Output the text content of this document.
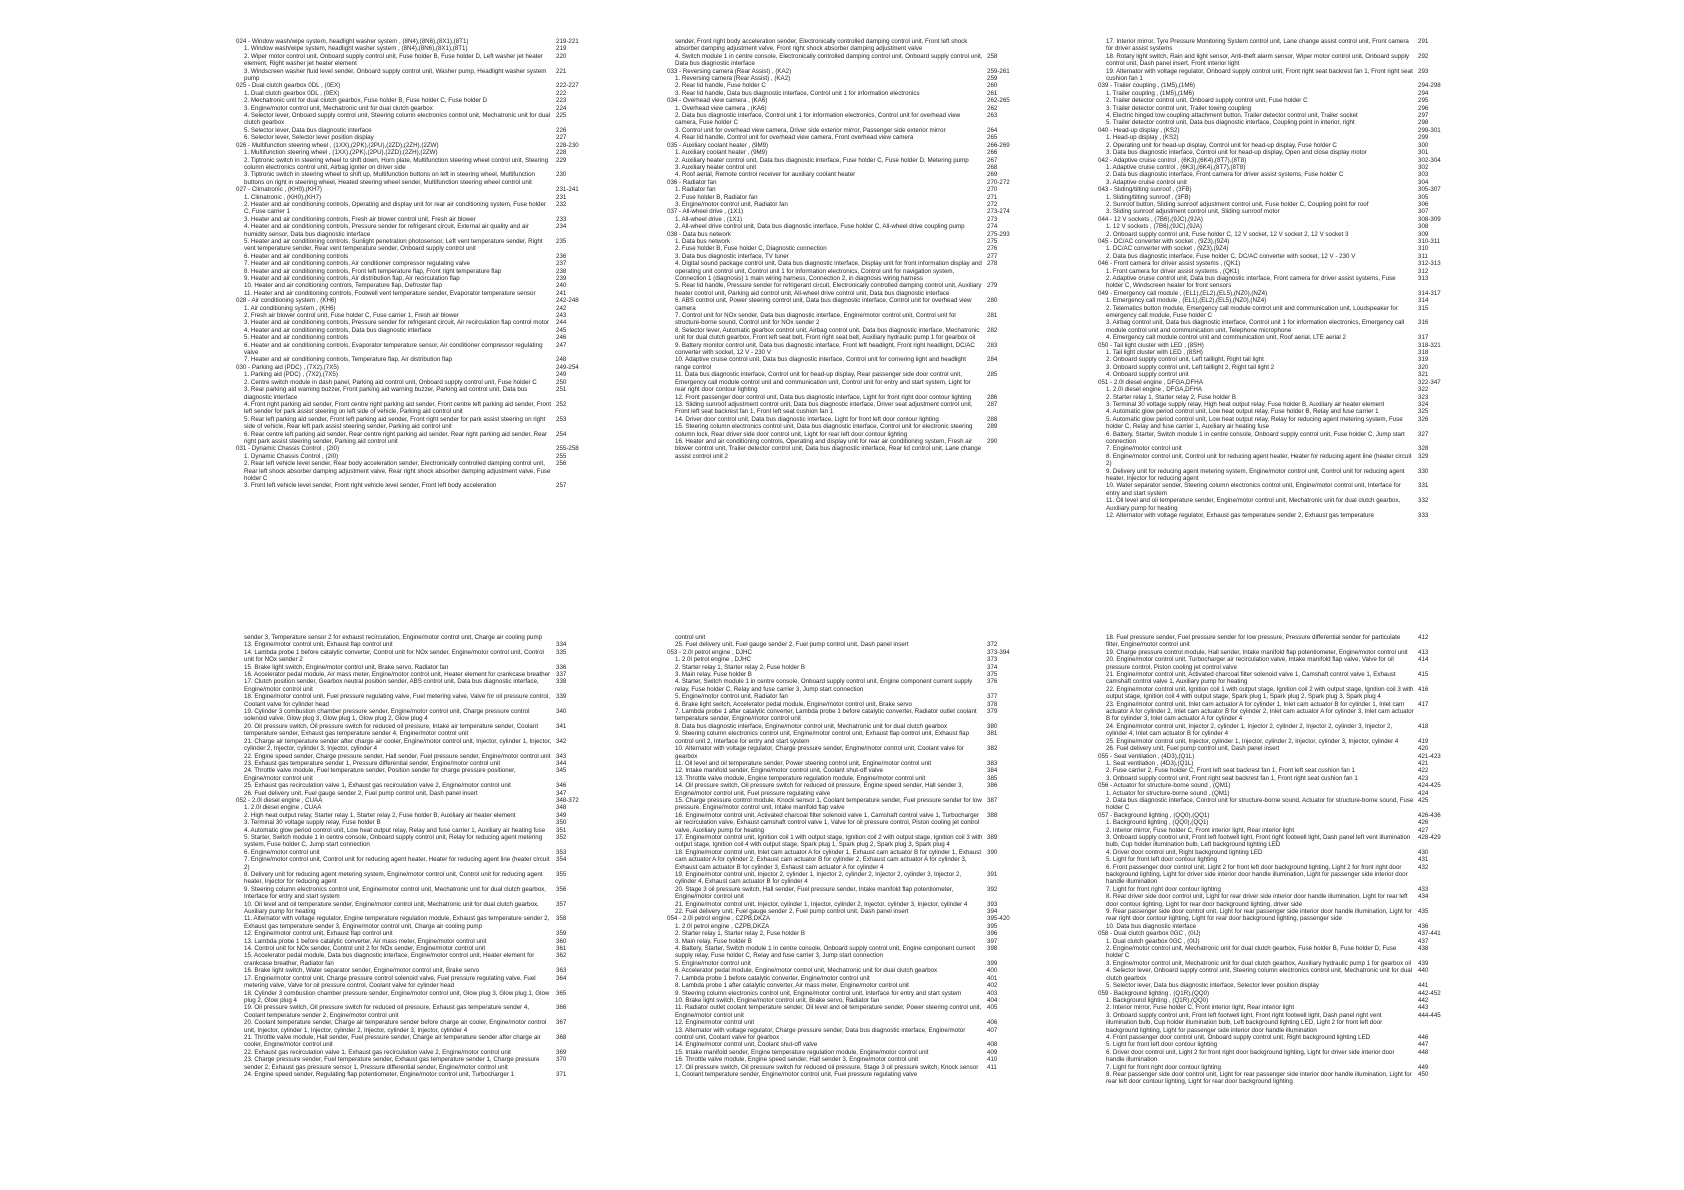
024 - Window wash/wipe system, headlight washer system , (8N4),(8N6),(8X1),(8T1)	219-221
1. Window wash/wipe system, headlight washer system , (8N4),(8N6),(8X1),(8T1)	219
2. Wiper motor control unit, Onboard supply control unit, Fuse holder B, Fuse holder D, Left washer jet heater element, Right washer jet heater element
220
3. Windscreen washer fluid level sender, Onboard supply control unit, Washer pump, Headlight washer system pump
221
025 - Dual clutch gearbox 0DL , (0EX)	222-227
1. Dual clutch gearbox 0DL , (0EX)	222
2. Mechatronic unit for dual clutch gearbox, Fuse holder B, Fuse holder C, Fuse holder D	223
3. Engine/motor control unit, Mechatronic unit for dual clutch gearbox	224
4. Selector lever, Onboard supply control unit, Steering column electronics control unit, Mechatronic unit for dual clutch gearbox
225
5. Selector lever, Data bus diagnostic interface	226
6. Selector lever, Selector lever position display	227
026 - Multifunction steering wheel , (1XX),(2PK),(2PU),(2ZD),(2ZH),(2ZW)	228-230
1. Multifunction steering wheel , (1XX),(2PK),(2PU),(2ZD),(2ZH),(2ZW)	228
2. Tiptronic switch in steering wheel to shift down, Horn plate, Multifunction steering wheel control unit, Steering column electronics control unit, Airbag igniter on driver side
229
3. Tiptronic switch in steering wheel to shift up, Multifunction buttons on left in steering wheel, Multifunction buttons on right in steering wheel, Heated steering wheel sender, Multifunction steering wheel control unit
230
027 - Climatronic , (KH0),(KH7)	231-241
1. Climatronic , (KH0),(KH7)	231
2. Heater and air conditioning controls, Operating and display unit for rear air conditioning system, Fuse holder C, Fuse carrier 1
232
3. Heater and air conditioning controls, Fresh air blower control unit, Fresh air blower	233
4. Heater and air conditioning controls, Pressure sender for refrigerant circuit, External air quality and air humidity sensor, Data bus diagnostic interface
234
5. Heater and air conditioning controls, Sunlight penetration photosensor, Left vent temperature sender, Right vent temperature sender, Rear vent temperature sender, Onboard supply control unit
235
6. Heater and air conditioning controls	236
7. Heater and air conditioning controls, Air conditioner compressor regulating valve	237
8. Heater and air conditioning controls, Front left temperature flap, Front right temperature flap	238
9. Heater and air conditioning controls, Air distribution flap, Air recirculation flap	239
10. Heater and air conditioning controls, Temperature flap, Defroster flap	240
11. Heater and air conditioning controls, Footwell vent temperature sender, Evaporator temperature sensor	241
028 - Air conditioning system , (KH6)	242-248
1. Air conditioning system , (KH6)	242
2. Fresh air blower control unit, Fuse holder C, Fuse carrier 1, Fresh air blower	243
3. Heater and air conditioning controls, Pressure sender for refrigerant circuit, Air recirculation flap control motor	244
4. Heater and air conditioning controls, Data bus diagnostic interface	245
5. Heater and air conditioning controls	246
6. Heater and air conditioning controls, Evaporator temperature sensor, Air conditioner compressor regulating valve
247
7. Heater and air conditioning controls, Temperature flap, Air distribution flap	248
030 - Parking aid (PDC) , (7X2),(7X5)	249-254
1. Parking aid (PDC) , (7X2),(7X5)	249
2. Centre switch module in dash panel, Parking aid control unit, Onboard supply control unit, Fuse holder C	250
3. Rear parking aid warning buzzer, Front parking aid warning buzzer, Parking aid control unit, Data bus diagnostic interface
251
4. Front right parking aid sender, Front centre right parking aid sender, Front centre left parking aid sender, Front left sender for park assist steering on left side of vehicle, Parking aid control unit
252
5. Rear left parking aid sender, Front left parking aid sender, Front right sender for park assist steering on right side of vehicle, Rear left park assist steering sender, Parking aid control unit
253
6. Rear centre left parking aid sender, Rear centre right parking aid sender, Rear right parking aid sender, Rear right park assist steering sender, Parking aid control unit
254
031 - Dynamic Chassis Control , (2I0)	255-258
1. Dynamic Chassis Control , (2I0)	255
2. Rear left vehicle level sender, Rear body acceleration sender, Electronically controlled damping control unit, Rear left shock absorber damping adjustment valve, Rear right shock absorber damping adjustment valve, Fuse holder C
256
3. Front left vehicle level sender, Front right vehicle level sender, Front left body acceleration	257
sender, Front right body acceleration sender, Electronically controlled damping control unit, Front left shock absorber damping adjustment valve, Front right shock absorber damping adjustment valve
4. Switch module 1 in centre console, Electronically controlled damping control unit, Onboard supply control unit, Data bus diagnostic interface
258
033 - Reversing camera (Rear Assist) , (KA2)	259-261
1. Reversing camera (Rear Assist) , (KA2)	259
2. Rear lid handle, Fuse holder C	260
3. Rear lid handle, Data bus diagnostic interface, Control unit 1 for information electronics	261
034 - Overhead view camera , (KA6)	262-265
1. Overhead view camera , (KA6)	262
2. Data bus diagnostic interface, Control unit 1 for information electronics, Control unit for overhead view camera, Fuse holder C
263
3. Control unit for overhead view camera, Driver side exterior mirror, Passenger side exterior mirror	264
4. Rear lid handle, Control unit for overhead view camera, Front overhead view camera	265
035 - Auxiliary coolant heater , (9M9)	266-269
1. Auxiliary coolant heater , (9M9)	266
2. Auxiliary heater control unit, Data bus diagnostic interface, Fuse holder C, Fuse holder D, Metering pump	267
3. Auxiliary heater control unit	268
4. Roof aerial, Remote control receiver for auxiliary coolant heater	269
036 - Radiator fan	270-272
1. Radiator fan	270
2. Fuse holder B, Radiator fan	271
3. Engine/motor control unit, Radiator fan	272
037 - All-wheel drive , (1X1)	273-274
1. All-wheel drive , (1X1)	273
2. All-wheel drive control unit, Data bus diagnostic interface, Fuse holder C, All-wheel drive coupling pump	274
038 - Data bus network	275-293
1. Data bus network	275
2. Fuse holder B, Fuse holder C, Diagnostic connection	276
3. Data bus diagnostic interface, TV tuner	277
4. Digital sound package control unit, Data bus diagnostic interface, Display unit for front information display and operating unit control unit, Control unit 1 for information electronics, Control unit for navigation system, Connection 1 (diagnosis) 1 main wiring harness, Connection 2, in diagnosis wiring harness
278
5. Rear lid handle, Pressure sender for refrigerant circuit, Electronically controlled damping control unit, Auxiliary heater control unit, Parking aid control unit, All-wheel drive control unit, Data bus diagnostic interface
279
6. ABS control unit, Power steering control unit, Data bus diagnostic interface, Control unit for overhead view camera
280
7. Control unit for NOx sender, Data bus diagnostic interface, Engine/motor control unit, Control unit for structure-borne sound, Control unit for NOx sender 2
281
8. Selector lever, Automatic gearbox control unit, Airbag control unit, Data bus diagnostic interface, Mechatronic unit for dual clutch gearbox, Front left seat belt, Front right seat belt, Auxiliary hydraulic pump 1 for gearbox oil
282
9. Battery monitor control unit, Data bus diagnostic interface, Front left headlight, Front right headlight, DC/AC converter with socket, 12 V - 230 V
283
10. Adaptive cruise control unit, Data bus diagnostic interface, Control unit for cornering light and headlight range control
284
11. Data bus diagnostic interface, Control unit for head-up display, Rear passenger side door control unit, Emergency call module control unit and communication unit, Control unit for entry and start system, Light for rear right door contour lighting
285
12. Front passenger door control unit, Data bus diagnostic interface, Light for front right door contour lighting	286
13. Sliding sunroof adjustment control unit, Data bus diagnostic interface, Driver seat adjustment control unit, Front left seat backrest fan 1, Front left seat cushion fan 1
287
14. Driver door control unit, Data bus diagnostic interface, Light for front left door contour lighting	288
15. Steering column electronics control unit, Data bus diagnostic interface, Control unit for electronic steering column lock, Rear driver side door control unit, Light for rear left door contour lighting
289
16. Heater and air conditioning controls, Operating and display unit for rear air conditioning system, Fresh air blower control unit, Trailer detector control unit, Data bus diagnostic interface, Rear lid control unit, Lane change assist control unit 2
290
17. Interior mirror, Tyre Pressure Monitoring System control unit, Lane change assist control unit, Front camera for driver assist systems
291
18. Rotary light switch, Rain and light sensor, Anti-theft alarm sensor, Wiper motor control unit, Onboard supply control unit, Dash panel insert, Front interior light
292
19. Alternator with voltage regulator, Onboard supply control unit, Front right seat backrest fan 1, Front right seat cushion fan 1
293
039 - Trailer coupling , (1M5),(1M6)	294-298
1. Trailer coupling , (1M5),(1M6)	294
2. Trailer detector control unit, Onboard supply control unit, Fuse holder C	295
3. Trailer detector control unit, Trailer towing coupling	296
4. Electric hinged tow coupling attachment button, Trailer detector control unit, Trailer socket	297
5. Trailer detector control unit, Data bus diagnostic interface, Coupling point in interior, right	298
040 - Head-up display , (KS2)	299-301
1. Head-up display , (KS2)	299
2. Operating unit for head-up display, Control unit for head-up display, Fuse holder C	300
3. Data bus diagnostic interface, Control unit for head-up display, Open and close display motor	301
042 - Adaptive cruise control , (6K3),(6K4),(8T7),(8T8)	302-304
1. Adaptive cruise control , (6K3),(6K4),(8T7),(8T8)	302
2. Data bus diagnostic interface, Front camera for driver assist systems, Fuse holder C	303
3. Adaptive cruise control unit	304
043 - Sliding/tilting sunroof , (3FB)	305-307
1. Sliding/tilting sunroof , (3FB)	305
2. Sunroof button, Sliding sunroof adjustment control unit, Fuse holder C, Coupling point for roof	306
3. Sliding sunroof adjustment control unit, Sliding sunroof motor	307
044 - 12 V sockets , (7B6),(9JC),(9JA)	308-309
1. 12 V sockets , (7B6),(9JC),(9JA)	308
2. Onboard supply control unit, Fuse holder C, 12 V socket, 12 V socket 2, 12 V socket 3	309
045 - DC/AC converter with socket , (9Z3),(9Z4)	310-311
1. DC/AC converter with socket , (9Z3),(9Z4)	310
2. Data bus diagnostic interface, Fuse holder C, DC/AC converter with socket, 12 V - 230 V	311
046 - Front camera for driver assist systems , (QK1)	312-313
1. Front camera for driver assist systems , (QK1)	312
2. Adaptive cruise control unit, Data bus diagnostic interface, Front camera for driver assist systems, Fuse holder C, Windscreen heater for front sensors
313
049 - Emergency call module , (EL1),(EL2),(EL5),(NZ0),(NZ4)	314-317
1. Emergency call module , (EL1),(EL2),(EL5),(NZ0),(NZ4)	314
2. Telematics button module, Emergency call module control unit and communication unit, Loudspeaker for emergency call module, Fuse holder C
315
3. Airbag control unit, Data bus diagnostic interface, Control unit 1 for information electronics, Emergency call module control unit and communication unit, Telephone microphone
316
4. Emergency call module control unit and communication unit, Roof aerial, LTE aerial 2	317
050 - Tail light cluster with LED , (8SH)	318-321
1. Tail light cluster with LED , (8SH)	318
2. Onboard supply control unit, Left taillight, Right tail light	319
3. Onboard supply control unit, Left taillight 2, Right tail light 2	320
4. Onboard supply control unit	321
051 - 2.0l diesel engine , DFGA,DFHA	322-347
1. 2.0l diesel engine , DFGA,DFHA	322
2. Starter relay 1, Starter relay 2, Fuse holder B	323
3. Terminal 30 voltage supply relay, High heat output relay, Fuse holder B, Auxiliary air heater element	324
4. Automatic glow period control unit, Low heat output relay, Fuse holder B, Relay and fuse carrier 1	325
5. Automatic glow period control unit, Low heat output relay, Relay for reducing agent metering system, Fuse holder C, Relay and fuse carrier 1, Auxiliary air heating fuse
326
6. Battery, Starter, Switch module 1 in centre console, Onboard supply control unit, Fuse holder C, Jump start connection
327
7. Engine/motor control unit	328
8. Engine/motor control unit, Control unit for reducing agent heater, Heater for reducing agent line (heater circuit 2)
329
9. Delivery unit for reducing agent metering system, Engine/motor control unit, Control unit for reducing agent heater, Injector for reducing agent
330
10. Water separator sender, Steering column electronics control unit, Engine/motor control unit, Interface for entry and start system
331
11. Oil level and oil temperature sender, Engine/motor control unit, Mechatronic unit for dual clutch gearbox, Auxiliary pump for heating
332
12. Alternator with voltage regulator, Exhaust gas temperature sender 2, Exhaust gas temperature	333
sender 3, Temperature sensor 2 for exhaust recirculation, Engine/motor control unit, Charge air cooling pump
13. Engine/motor control unit, Exhaust flap control unit	334
14. Lambda probe 1 before catalytic converter, Control unit for NOx sender, Engine/motor control unit, Control unit for NOx sender 2
335
15. Brake light switch, Engine/motor control unit, Brake servo, Radiator fan	336
16. Accelerator pedal module, Air mass meter, Engine/motor control unit, Heater element for crankcase breather 337
17. Clutch position sender, Gearbox neutral position sender, ABS control unit, Data bus diagnostic interface, Engine/motor control unit
338
18. Engine/motor control unit, Fuel pressure regulating valve, Fuel metering valve, Valve for oil pressure control, Coolant valve for cylinder head
339
19. Cylinder 3 combustion chamber pressure sender, Engine/motor control unit, Charge pressure control solenoid valve, Glow plug 3, Glow plug 1, Glow plug 2, Glow plug 4
340
20. Oil pressure switch, Oil pressure switch for reduced oil pressure, Intake air temperature sender, Coolant temperature sender, Exhaust gas temperature sender 4, Engine/motor control unit
341
21. Charge air temperature sender after charge air cooler, Engine/motor control unit, Injector, cylinder 1, Injector, cylinder 2, Injector, cylinder 3, Injector, cylinder 4
342
22. Engine speed sender, Charge pressure sender, Hall sender, Fuel pressure sender, Engine/motor control unit 343
23. Exhaust gas temperature sender 1, Pressure differential sender, Engine/motor control unit	344
24. Throttle valve module, Fuel temperature sender, Position sender for charge pressure positioner, Engine/motor control unit
345
25. Exhaust gas recirculation valve 1, Exhaust gas recirculation valve 2, Engine/motor control unit	346
26. Fuel delivery unit, Fuel gauge sender 2, Fuel pump control unit, Dash panel insert	347
052 - 2.0l diesel engine , CUAA	348-372
1. 2.0l diesel engine , CUAA	348
2. High heat output relay, Starter relay 1, Starter relay 2, Fuse holder B, Auxiliary air heater element	349
3. Terminal 30 voltage supply relay, Fuse holder B	350
4. Automatic glow period control unit, Low heat output relay, Relay and fuse carrier 1, Auxiliary air heating fuse	351
5. Starter, Switch module 1 in centre console, Onboard supply control unit, Relay for reducing agent metering system, Fuse holder C, Jump start connection
352
6. Engine/motor control unit	353
7. Engine/motor control unit, Control unit for reducing agent heater, Heater for reducing agent line (heater circuit 2)
354
8. Delivery unit for reducing agent metering system, Engine/motor control unit, Control unit for reducing agent heater, Injector for reducing agent
355
9. Steering column electronics control unit, Engine/motor control unit, Mechatronic unit for dual clutch gearbox, Interface for entry and start system
356
10. Oil level and oil temperature sender, Engine/motor control unit, Mechatronic unit for dual clutch gearbox, Auxiliary pump for heating
357
11. Alternator with voltage regulator, Engine temperature regulation module, Exhaust gas temperature sender 2, Exhaust gas temperature sender 3, Engine/motor control unit, Charge air cooling pump
358
12. Engine/motor control unit, Exhaust flap control unit	359
13. Lambda probe 1 before catalytic converter, Air mass meter, Engine/motor control unit	360
14. Control unit for NOx sender, Control unit 2 for NOx sender, Engine/motor control unit	361
15. Accelerator pedal module, Data bus diagnostic interface, Engine/motor control unit, Heater element for crankcase breather, Radiator fan
362
16. Brake light switch, Water separator sender, Engine/motor control unit, Brake servo	363
17. Engine/motor control unit, Charge pressure control solenoid valve, Fuel pressure regulating valve, Fuel metering valve, Valve for oil pressure control, Coolant valve for cylinder head
364
18. Cylinder 3 combustion chamber pressure sender, Engine/motor control unit, Glow plug 3, Glow plug 1, Glow plug 2, Glow plug 4
365
19. Oil pressure switch, Oil pressure switch for reduced oil pressure, Exhaust gas temperature sender 4, Coolant temperature sender 2, Engine/motor control unit
366
20. Coolant temperature sender, Charge air temperature sender before charge air cooler, Engine/motor control unit, Injector, cylinder 1, Injector, cylinder 2, Injector, cylinder 3, Injector, cylinder 4
367
21. Throttle valve module, Hall sender, Fuel pressure sender, Charge air temperature sender after charge air cooler, Engine/motor control unit
368
22. Exhaust gas recirculation valve 1, Exhaust gas recirculation valve 2, Engine/motor control unit	369
23. Charge pressure sender, Fuel temperature sender, Exhaust gas temperature sender 1, Charge pressure sender 2, Exhaust gas pressure sensor 1, Pressure differential sender, Engine/motor control unit
370
24. Engine speed sender, Regulating flap potentiometer, Engine/motor control unit, Turbocharger 1	371
control unit
25. Fuel delivery unit, Fuel gauge sender 2, Fuel pump control unit, Dash panel insert	372
053 - 2.0l petrol engine , DJHC	373-394
1. 2.0l petrol engine , DJHC	373
2. Starter relay 1, Starter relay 2, Fuse holder B	374
3. Main relay, Fuse holder B	375
4. Starter, Switch module 1 in centre console, Onboard supply control unit, Engine component current supply relay, Fuse holder C, Relay and fuse carrier 3, Jump start connection
376
5. Engine/motor control unit, Radiator fan	377
6. Brake light switch, Accelerator pedal module, Engine/motor control unit, Brake servo	378
7. Lambda probe 1 after catalytic converter, Lambda probe 1 before catalytic converter, Radiator outlet coolant temperature sender, Engine/motor control unit
379
8. Data bus diagnostic interface, Engine/motor control unit, Mechatronic unit for dual clutch gearbox	380
9. Steering column electronics control unit, Engine/motor control unit, Exhaust flap control unit, Exhaust flap control unit 2, Interface for entry and start system
381
10. Alternator with voltage regulator, Charge pressure sender, Engine/motor control unit, Coolant valve for gearbox
382
11. Oil level and oil temperature sender, Power steering control unit, Engine/motor control unit	383
12. Intake manifold sender, Engine/motor control unit, Coolant shut-off valve	384
13. Throttle valve module, Engine temperature regulation module, Engine/motor control unit	385
14. Oil pressure switch, Oil pressure switch for reduced oil pressure, Engine speed sender, Hall sender 3, Engine/motor control unit, Fuel pressure regulating valve
386
15. Charge pressure control module, Knock sensor 1, Coolant temperature sender, Fuel pressure sender for low pressure, Engine/motor control unit, Intake manifold flap valve
387
16. Engine/motor control unit, Activated charcoal filter solenoid valve 1, Camshaft control valve 1, Turbocharger air recirculation valve, Exhaust camshaft control valve 1, Valve for oil pressure control, Piston cooling jet control valve, Auxiliary pump for heating
388
17. Engine/motor control unit, Ignition coil 1 with output stage, Ignition coil 2 with output stage, Ignition coil 3 with output stage, Ignition coil 4 with output stage, Spark plug 1, Spark plug 2, Spark plug 3, Spark plug 4
389
18. Engine/motor control unit, Inlet cam actuator A for cylinder 1, Exhaust cam actuator B for cylinder 1, Exhaust cam actuator A for cylinder 2, Exhaust cam actuator B for cylinder 2, Exhaust cam actuator A for cylinder 3, Exhaust cam actuator B for cylinder 3, Exhaust cam actuator A for cylinder 4
390
19. Engine/motor control unit, Injector 2, cylinder 1, Injector 2, cylinder 2, Injector 2, cylinder 3, Injector 2, cylinder 4, Exhaust cam actuator B for cylinder 4
391
20. Stage 3 oil pressure switch, Hall sender, Fuel pressure sender, Intake manifold flap potentiometer, Engine/motor control unit
392
21. Engine/motor control unit, Injector, cylinder 1, Injector, cylinder 2, Injector, cylinder 3, Injector, cylinder 4	393
22. Fuel delivery unit, Fuel gauge sender 2, Fuel pump control unit, Dash panel insert	394
054 - 2.0l petrol engine , CZPB,DKZA	395-420
1. 2.0l petrol engine , CZPB,DKZA	395
2. Starter relay 1, Starter relay 2, Fuse holder B	396
3. Main relay, Fuse holder B	397
4. Battery, Starter, Switch module 1 in centre console, Onboard supply control unit, Engine component current supply relay, Fuse holder C, Relay and fuse carrier 3, Jump start connection
398
5. Engine/motor control unit	399
6. Accelerator pedal module, Engine/motor control unit, Mechatronic unit for dual clutch gearbox	400
7. Lambda probe 1 before catalytic converter, Engine/motor control unit	401
8. Lambda probe 1 after catalytic converter, Air mass meter, Engine/motor control unit	402
9. Steering column electronics control unit, Engine/motor control unit, Interface for entry and start system	403
10. Brake light switch, Engine/motor control unit, Brake servo, Radiator fan	404
11. Radiator outlet coolant temperature sender, Oil level and oil temperature sender, Power steering control unit, Engine/motor control unit
405
12. Engine/motor control unit	406
13. Alternator with voltage regulator, Charge pressure sender, Data bus diagnostic interface, Engine/motor control unit, Coolant valve for gearbox
407
14. Engine/motor control unit, Coolant shut-off valve	408
15. Intake manifold sender, Engine temperature regulation module, Engine/motor control unit	409
16. Throttle valve module, Engine speed sender, Hall sender 3, Engine/motor control unit	410
17. Oil pressure switch, Oil pressure switch for reduced oil pressure, Stage 3 oil pressure switch, Knock sensor 1, Coolant temperature sender, Engine/motor control unit, Fuel pressure regulating valve
411
18. Fuel pressure sender, Fuel pressure sender for low pressure, Pressure differential sender for particulate filter, Engine/motor control unit
412
19. Charge pressure control module, Hall sender, Intake manifold flap potentiometer, Engine/motor control unit	413
20. Engine/motor control unit, Turbocharger air recirculation valve, Intake manifold flap valve, Valve for oil pressure control, Piston cooling jet control valve
414
21. Engine/motor control unit, Activated charcoal filter solenoid valve 1, Camshaft control valve 1, Exhaust camshaft control valve 1, Auxiliary pump for heating
415
22. Engine/motor control unit, Ignition coil 1 with output stage, Ignition coil 2 with output stage, Ignition coil 3 with output stage, Ignition coil 4 with output stage, Spark plug 1, Spark plug 2, Spark plug 3, Spark plug 4
416
23. Engine/motor control unit, Inlet cam actuator A for cylinder 1, Inlet cam actuator B for cylinder 1, Inlet cam actuator A for cylinder 2, Inlet cam actuator B for cylinder 2, Inlet cam actuator A for cylinder 3, Inlet cam actuator B for cylinder 3, Inlet cam actuator A for cylinder 4
417
24. Engine/motor control unit, Injector 2, cylinder 1, Injector 2, cylinder 2, Injector 2, cylinder 3, Injector 2, cylinder 4, Inlet cam actuator B for cylinder 4
418
25. Engine/motor control unit, Injector, cylinder 1, Injector, cylinder 2, Injector, cylinder 3, Injector, cylinder 4	419
26. Fuel delivery unit, Fuel pump control unit, Dash panel insert	420
055 - Seat ventilation , (4D3),(Q1L)	421-423
1. Seat ventilation , (4D3),(Q1L)	421
2. Fuse carrier 2, Fuse holder C, Front left seat backrest fan 1, Front left seat cushion fan 1	422
3. Onboard supply control unit, Front right seat backrest fan 1, Front right seat cushion fan 1	423
056 - Actuator for structure-borne sound , (QM1)	424-425
1. Actuator for structure-borne sound , (QM1)	424
2. Data bus diagnostic interface, Control unit for structure-borne sound, Actuator for structure-borne sound, Fuse holder C
425
057 - Background lighting , (QQ0),(QQ1)	426-436
1. Background lighting , (QQ0),(QQ1)	426
2. Interior mirror, Fuse holder C, Front interior light, Rear interior light	427
3. Onboard supply control unit, Front left footwell light, Front right footwell light, Dash panel left vent illumination bulb, Cup holder illumination bulb, Left background lighting LED
428-429
4. Driver door control unit, Right background lighting LED	430
5. Light for front left door contour lighting	431
6. Front passenger door control unit, Light 2 for front left door background lighting, Light 2 for front right door background lighting, Light for driver side interior door handle illumination, Light for passenger side interior door handle illumination
432
7. Light for front right door contour lighting	433
8. Rear driver side door control unit, Light for rear driver side interior door handle illumination, Light for rear left door contour lighting, Light for rear door background lighting, driver side
434
9. Rear passenger side door control unit, Light for rear passenger side interior door handle illumination, Light for rear right door contour lighting, Light for rear door background lighting, passenger side
435
10. Data bus diagnostic interface	436
058 - Dual clutch gearbox 0GC , (0IJ)	437-441
1. Dual clutch gearbox 0GC , (0IJ)	437
2. Engine/motor control unit, Mechatronic unit for dual clutch gearbox, Fuse holder B, Fuse holder D, Fuse holder C
438
3. Engine/motor control unit, Mechatronic unit for dual clutch gearbox, Auxiliary hydraulic pump 1 for gearbox oil	439
4. Selector lever, Onboard supply control unit, Steering column electronics control unit, Mechatronic unit for dual clutch gearbox
440
5. Selector lever, Data bus diagnostic interface, Selector lever position display	441
059 - Background lighting , (Q1R),(QQ0)	442-452
1. Background lighting , (Q1R),(QQ0)	442
2. Interior mirror, Fuse holder C, Front interior light, Rear interior light	443
3. Onboard supply control unit, Front left footwell light, Front right footwell light, Dash panel right vent illumination bulb, Cup holder illumination bulb, Left background lighting LED, Light 2 for front left door background lighting, Light for passenger side interior door handle illumination
444-445
4. Front passenger door control unit, Onboard supply control unit, Right background lighting LED	446
5. Light for front left door contour lighting	447
6. Driver door control unit, Light 2 for front right door background lighting, Light for driver side interior door handle illumination
448
7. Light for front right door contour lighting	449
8. Rear passenger side door control unit, Light for rear passenger side interior door handle illumination, Light for rear left door contour lighting, Light for rear door background lighting
450
